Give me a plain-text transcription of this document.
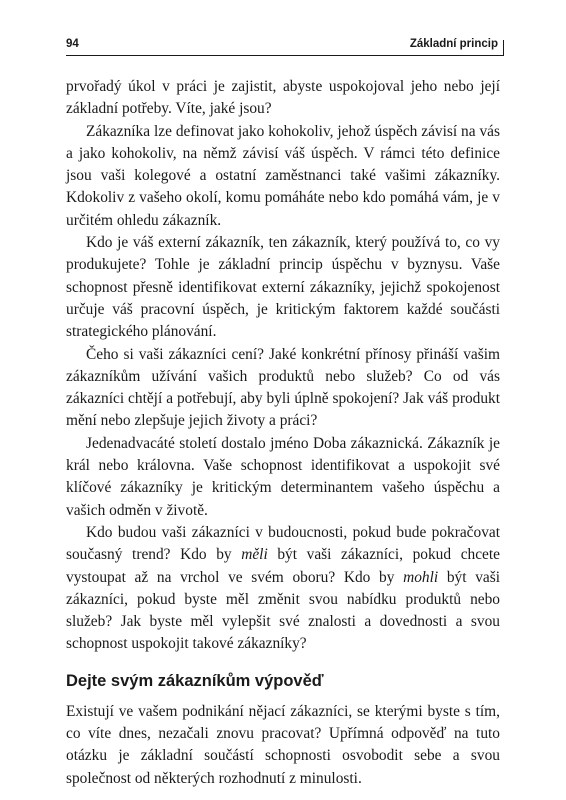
94	Základní princip

prvořadý úkol v práci je zajistit, abyste uspokojoval jeho nebo její základní potřeby. Víte, jaké jsou?

Zákazníka lze definovat jako kohokoliv, jehož úspěch závisí na vás a jako kohokoliv, na němž závisí váš úspěch. V rámci této definice jsou vaši kolegové a ostatní zaměstnanci také vašimi zákazníky. Kdokoliv z vašeho okolí, komu pomáháte nebo kdo pomáhá vám, je v určitém ohledu zákazník.

Kdo je váš externí zákazník, ten zákazník, který používá to, co vy produkujete? Tohle je základní princip úspěchu v byznysu. Vaše schopnost přesně identifikovat externí zákazníky, jejichž spokojenost určuje váš pracovní úspěch, je kritickým faktorem každé součásti strategického plánování.

Čeho si vaši zákazníci cení? Jaké konkrétní přínosy přináší vašim zákazníkům užívání vašich produktů nebo služeb? Co od vás zákazníci chtějí a potřebují, aby byli úplně spokojení? Jak váš produkt mění nebo zlepšuje jejich životy a práci?

Jedenadvacáté století dostalo jméno Doba zákaznická. Zákazník je král nebo královna. Vaše schopnost identifikovat a uspokojit své klíčové zákazníky je kritickým determinantem vašeho úspěchu a vašich odměn v životě.

Kdo budou vaši zákazníci v budoucnosti, pokud bude pokračovat současný trend? Kdo by měli být vaši zákazníci, pokud chcete vystoupat až na vrchol ve svém oboru? Kdo by mohli být vaši zákazníci, pokud byste měl změnit svou nabídku produktů nebo služeb? Jak byste měl vylepšit své znalosti a dovednosti a svou schopnost uspokojit takové zákazníky?

Dejte svým zákazníkům výpověď

Existují ve vašem podnikání nějací zákazníci, se kterými byste s tím, co víte dnes, nezačali znovu pracovat? Upřímná odpověď na tuto otázku je základní součástí schopnosti osvobodit sebe a svou společnost od některých rozhodnutí z minulosti.
